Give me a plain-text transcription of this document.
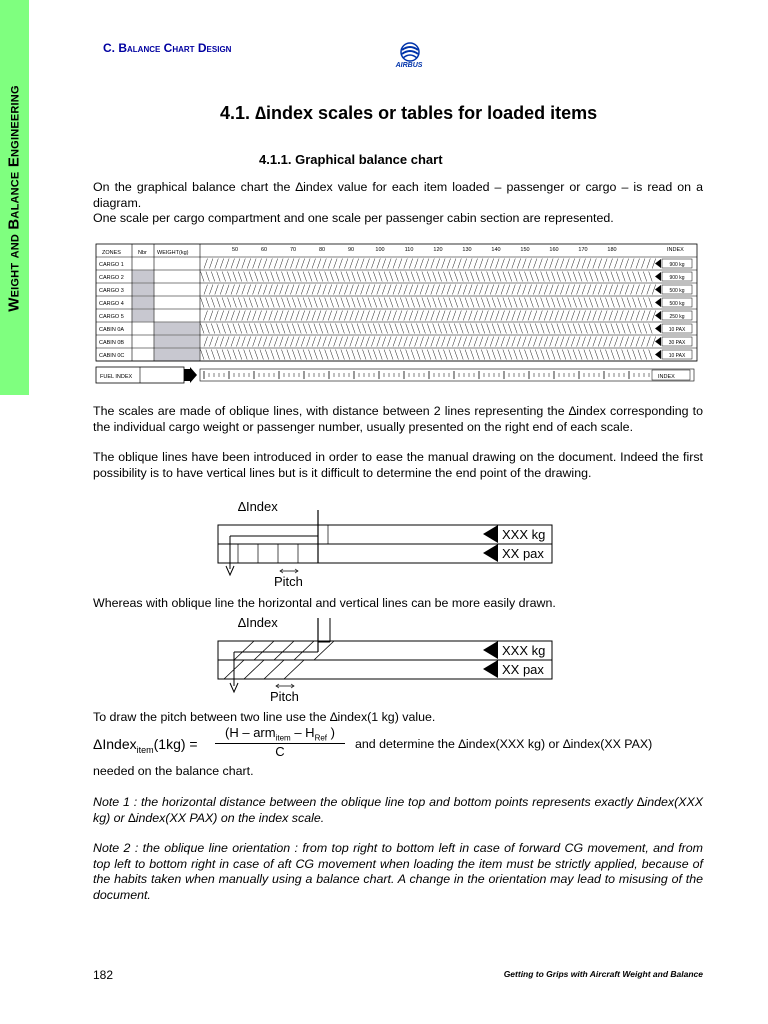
Weight and Balance Engineering
C. Balance Chart Design
AIRBUS
4.1. ∆index scales or tables for loaded items
4.1.1. Graphical balance chart
On the graphical balance chart the ∆index value for each item loaded – passenger or cargo – is read on a diagram.
One scale per cargo compartment and one scale per passenger cabin section are represented.
ZONES	Nbr WEIGHT(kg)	INDEX
50	60	70	80	90	100	110	120	130	140	150	160	170	180
CARGO 1	900 kg
CARGO 2	900 kg
CARGO 3	500 kg
CARGO 4	500 kg
CARGO 5	250 kg
CABIN 0A	10 PAX
CABIN 0B	30 PAX
CABIN 0C	10 PAX
FUEL INDEX	INDEX
The scales are made of oblique lines, with distance between 2 lines representing the ∆index corresponding to the individual cargo weight or passenger number, usually presented on the right end of each scale.
The oblique lines have been introduced in order to ease the manual drawing on the document. Indeed the first possibility is to have vertical lines but is it difficult to determine the end point of the drawing.
∆Index
XXX kg
XX pax
Pitch
Whereas with oblique line the horizontal and vertical lines can be more easily drawn.
∆Index
XXX kg
XX pax
Pitch
To draw the pitch between two line use the ∆index(1 kg) value.
ΔIndex$_{item}$(1kg) =
($H - arm_{item} - H_{Ref}$ )
C	and determine the ∆index(XXX kg) or ∆index(XX PAX)
needed on the balance chart.
Note 1 : the horizontal distance between the oblique line top and bottom points represents exactly ∆index(XXX kg) or ∆index(XX PAX) on the index scale.
Note 2 : the oblique line orientation : from top right to bottom left in case of forward CG movement, and from top left to bottom right in case of aft CG movement when loading the item must be strictly applied, because of the habits taken when manually using a balance chart. A change in the orientation may lead to misusing of the document.
182	Getting to Grips with Aircraft Weight and Balance
